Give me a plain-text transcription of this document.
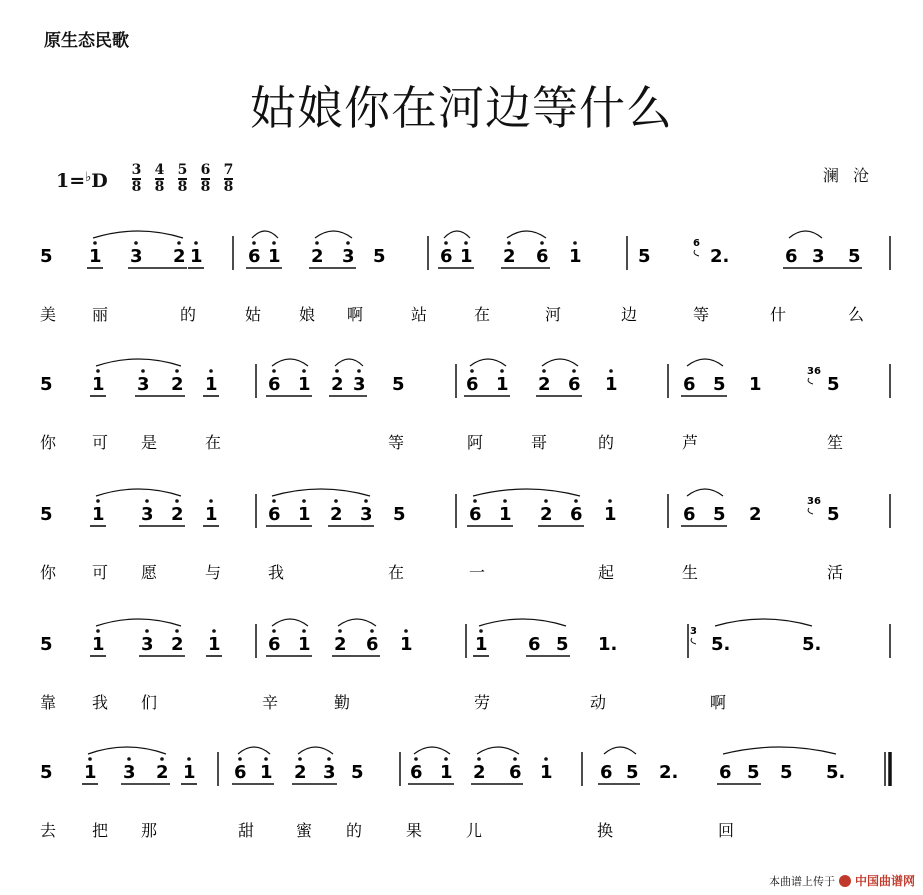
原生态民歌
姑娘你在河边等什么
1=♭D 3
8
4
8
5
8
6
8
7
8
澜沧
5 1 3 2 1	6 1 2 3 5	6 1 2 6 1	5	2.	6 3 5
6
美 丽	的	姑 娘 啊	站	在	河	边	等	什	么
5 1 3 2 1	6 1 2 3 5	6 1 2 6 1	6 5 1	5
36
你 可 是	在	等	阿	哥	的	芦	笙
5 1 3 2 1	6 1 2 3 5	6 1 2 6 1	6 5 2	5
36
你 可 愿	与	我	在	一	起	生	活
5 1 3 2 1	6 1 2 6 1	1 6 5 1.	5.	5.
3
靠 我 们	辛	勤	劳	动	啊
5 1 3 2 1 6 1 2 3 5	6 1 2 6 1	6 5 2. 6 5 5 5.
去 把 那	甜	蜜 的	果	儿	换	回
本曲谱上传于 中国曲谱网
